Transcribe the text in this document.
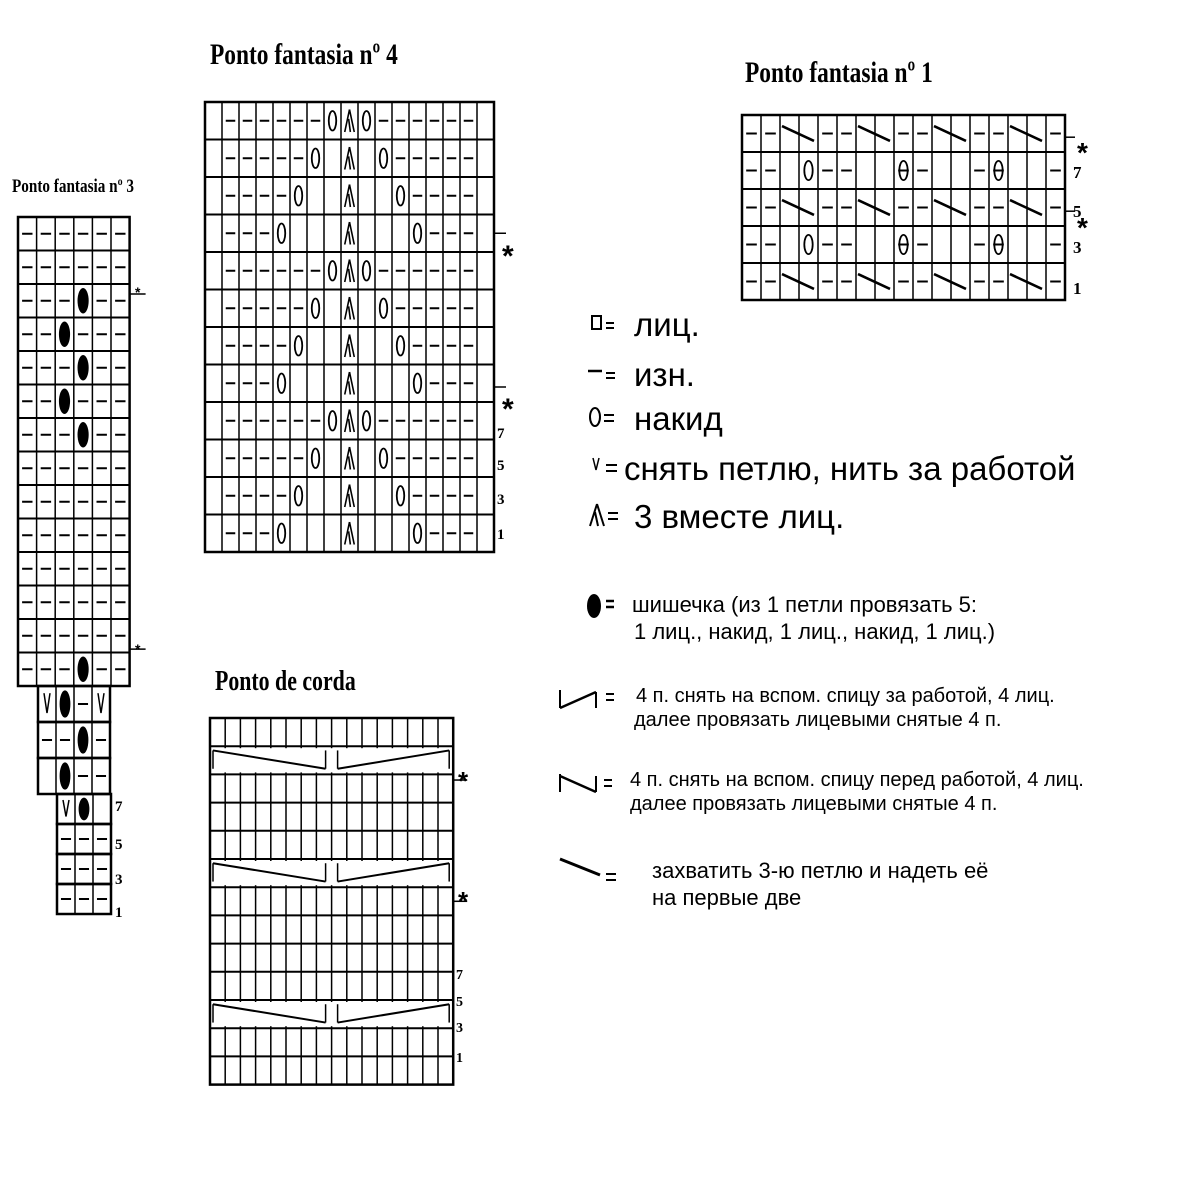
Ponto fantasia nº 4
Ponto fantasia nº 1
Ponto fantasia nº 3
Ponto de corda
*
*
7
5
3
1
*
*
7
5
3
1
*
*
7
5
3
1
*
*
7
5
3
1
лиц.
изн.
накид
снять петлю, нить за работой
3 вместе лиц.
шишечка (из 1 петли провязать 5:
1 лиц., накид, 1 лиц., накид, 1 лиц.)
4 п. снять на вспом. спицу за работой, 4 лиц.
далее провязать лицевыми снятые 4 п.
4 п. снять на вспом. спицу перед работой, 4 лиц.
далее провязать лицевыми снятые 4 п.
захватить 3-ю петлю и надеть её
на первые две
